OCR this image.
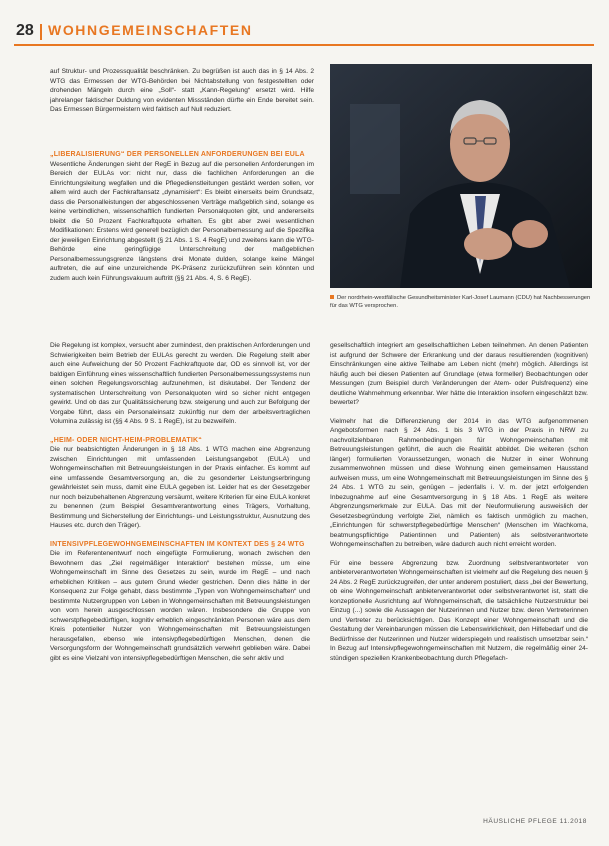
28 WOHNGEMEINSCHAFTEN

auf Struktur- und Prozessqualität beschränken. Zu begrüßen ist auch das in § 14 Abs. 2 WTG das Ermessen der WTG-Behörden bei Nichtabstellung von festgestellten oder drohenden Mängeln durch eine „Soll“- statt „Kann-Regelung“ ersetzt wird. Hilfe jahrelanger faktischer Duldung von evidenten Missständen dürfte ein Ende bereitet sein. Das Ermessen Bürgermeistern wird faktisch auf Null reduziert.

Der nordrhein-westfälische Gesundheitsminister Karl-Josef Laumann (CDU) hat Nachbesserungen für das WTG versprochen.

Die Regelung ist komplex, versucht aber zumindest, den praktischen Anforderungen und Schwierigkeiten beim Betrieb der EULAs gerecht zu werden. Die Regelung stellt aber auch eine Aufweichung der 50 Prozent Fachkraftquote dar, OD es sinnvoll ist, vor der baldigen Einführung eines wissenschaftlich fundierten Personalbemessungssystems nun einen solchen Regelungsvorschlag aufzunehmen, ist diskutabel. Der Tendenz der systematischen Unterschreitung von Personalquoten wird so sicher nicht entgegen gewirkt. Und ob das zur Qualitätssicherung bzw. steigerung und auch zur Befolgung der Vorgabe führt, dass ein Personaleinsatz zukünftig nur dem der arbeitsvertraglichen Volumina zulässig ist (§§ 4 Abs. 9 S. 1 RegE), ist zu bezweifeln.

„HEIM- ODER NICHT-HEIM-PROBLEMATIK“

Die nur beabsichtigten Änderungen in § 18 Abs. 1 WTG machen eine Abgrenzung zwischen Einrichtungen mit umfassenden Leistungsangebot (EULA) und Wohngemeinschaften mit Betreuungsleistungen in der Praxis einfacher. Es kommt auf eine umfassende Gesamtversorgung an, die zu gesonderter Leistungserbringung gewährleistet sein muss, damit eine EULA gegeben ist. Leider hat es der Gesetzgeber nur noch beizubehaltenen Abgrenzung versäumt, weitere Kriterien für eine EULA konkret zu benennen (zum Beispiel Gesamtverantwortung eines Trägers, Vorhaltung, Bestimmung und Sicherstellung der Einrichtungs- und Leistungsstruktur, Ausnutzung des Hauses etc. durch den Träger).

INTENSIVPFLEGEWOHNGEMEINSCHAFTEN IM KONTEXT DES § 24 WTG

Die im Referentenentwurf noch eingefügte Formulierung, wonach zwischen den Bewohnern das „Ziel regelmäßiger Interaktion“ bestehen müsse, um eine Wohngemeinschaft im Sinne des Gesetzes zu sein, wurde im RegE – und nach erheblichen Kritiken – aus gutem Grund wieder gestrichen. Denn dies hätte in der Konsequenz zur Folge gehabt, dass bestimmte „Typen von Wohngemeinschaften“ und bestimmte Nutzergruppen von Leben in Wohngemeinschaften mit Betreuungsleistungen von vorn herein ausgeschlossen worden wären. Insbesondere die Gruppe von schwerstpflegebedürftigen, kognitiv erheblich eingeschränkten Personen wäre aus dem Kreis potentieller Nutzer von Wohngemeinschaften mit Betreuungsleistungen herausgefallen, ebenso wie intensivpflegebedürftigen Menschen, denen die Versorgungsform der Wohngemeinschaft grundsätzlich verwehrt geblieben wäre. Dabei gibt es eine Vielzahl von intensivpflegebedürftigen Menschen, die sehr aktiv und

„LIBERALISIERUNG“ DER PERSONELLEN ANFORDERUNGEN BEI EULA

Wesentliche Änderungen sieht der RegE in Bezug auf die personellen Anforderungen im Bereich der EULAs vor: nicht nur, dass die fachlichen Anforderungen an die Einrichtungsleitung wegfallen und die Pflegedienstleitungen gestärkt werden sollen, vor allem wird auch der Fachkraftansatz „dynamisiert“: Es bleibt einerseits beim Grundsatz, dass die Personalleistungen der abgeschlossenen Verträge maßgeblich sind, solange es keine verbindlichen, wissenschaftlich fundierten Personalquoten gibt, und andererseits bleibt die 50 Prozent Fachkraftquote erhalten. Es gibt aber zwei wesentlichen Modifikationen: Erstens wird generell bezüglich der Personalbemessung auf die Spezifika der jeweiligen Einrichtung abgestellt (§ 21 Abs. 1 S. 4 RegE) und zweitens kann die WTG-Behörde eine geringfügige Unterschreitung der maßgeblichen Personalbemessungsgrenze längstens drei Monate dulden, solange keine Mängel auftreten, die auf eine unzureichende PK-Präsenz zurückzuführen sein könnten und zudem auch kein Führungsvakuum auftritt (§§ 21 Abs. 4, S. 6 RegE).

gesellschaftlich integriert am gesellschaftlichen Leben teilnehmen. An denen Patienten ist aufgrund der Schwere der Erkrankung und der daraus resultierenden (kognitiven) Einschränkungen eine aktive Teilhabe am Leben nicht (mehr) möglich. Allerdings ist häufig auch bei diesen Patienten auf Grundlage (etwa formeller) Beobachtungen oder Messungen (zum Beispiel durch Veränderungen der Atem- oder Pulsfrequenz) eine deutliche Wahrnehmung erkennbar. Wer hätte die Interaktion insofern eingeschätzt bzw. bewertet?

Vielmehr hat die Differenzierung der 2014 in das WTG aufgenommenen Angebotsformen nach § 24 Abs. 1 bis 3 WTG in der Praxis in NRW zu nachvollziehbaren Rahmenbedingungen für Wohngemeinschaften mit Betreuungsleistungen geführt, die auch die Realität abbildet. Die weiteren (schon länger) formulierten Voraussetzungen, wonach die Nutzer in einer Wohnung zusammenwohnen müssen und diese Wohnung einen gemeinsamen Hausstand aufweisen muss, um eine Wohngemeinschaft mit Betreuungsleistungen im Sinne des § 24 Abs. 1 WTG zu sein, genügen – jedenfalls i. V. m. der jetzt erfolgenden Inbezugnahme auf eine Gesamtversorgung in § 18 Abs. 1 RegE als weitere Abgrenzungsmerkmale zur EULA. Das mit der Neuformulierung ausweislich der Gesetzesbegründung verfolgte Ziel, nämlich es faktisch unmöglich zu machen, „Einrichtungen für schwerstpflegebedürftige Menschen“ (Menschen im Wachkoma, beatmungspflichtige Patientinnen und Patienten) als selbstverantwortete Wohngemeinschaften zu betreiben, wäre dadurch auch nicht erreicht worden.

Für eine bessere Abgrenzung bzw. Zuordnung selbstverantworteter von anbieterverantworteten Wohngemeinschaften ist vielmehr auf die Regelung des neuen § 24 Abs. 2 RegE zurückzugreifen, der unter anderem postuliert, dass „bei der Bewertung, ob eine Wohngemeinschaft anbieterverantwortet oder selbstverantwortet ist, statt die konzeptionelle Ausrichtung auf Wohngemeinschaft, die tatsächliche Nutzerstruktur bei Einzug (...) sowie die Aussagen der Nutzerinnen und Nutzer bzw. deren Vertreterinnen und Vertreter zu berücksichtigen. Das Konzept einer Wohngemeinschaft und die Gestaltung der Vereinbarungen müssen die Lebenswirklichkeit, den Hilfebedarf und die Bedürfnisse der Nutzerinnen und Nutzer widerspiegeln und realistisch umsetzbar sein.“ In Bezug auf Intensivpflegewohngemeinschaften mit Nutzern, die regelmäßig einer 24-stündigen speziellen Krankenbeobachtung durch Pflegefach-

HÄUSLICHE PFLEGE 11.2018
